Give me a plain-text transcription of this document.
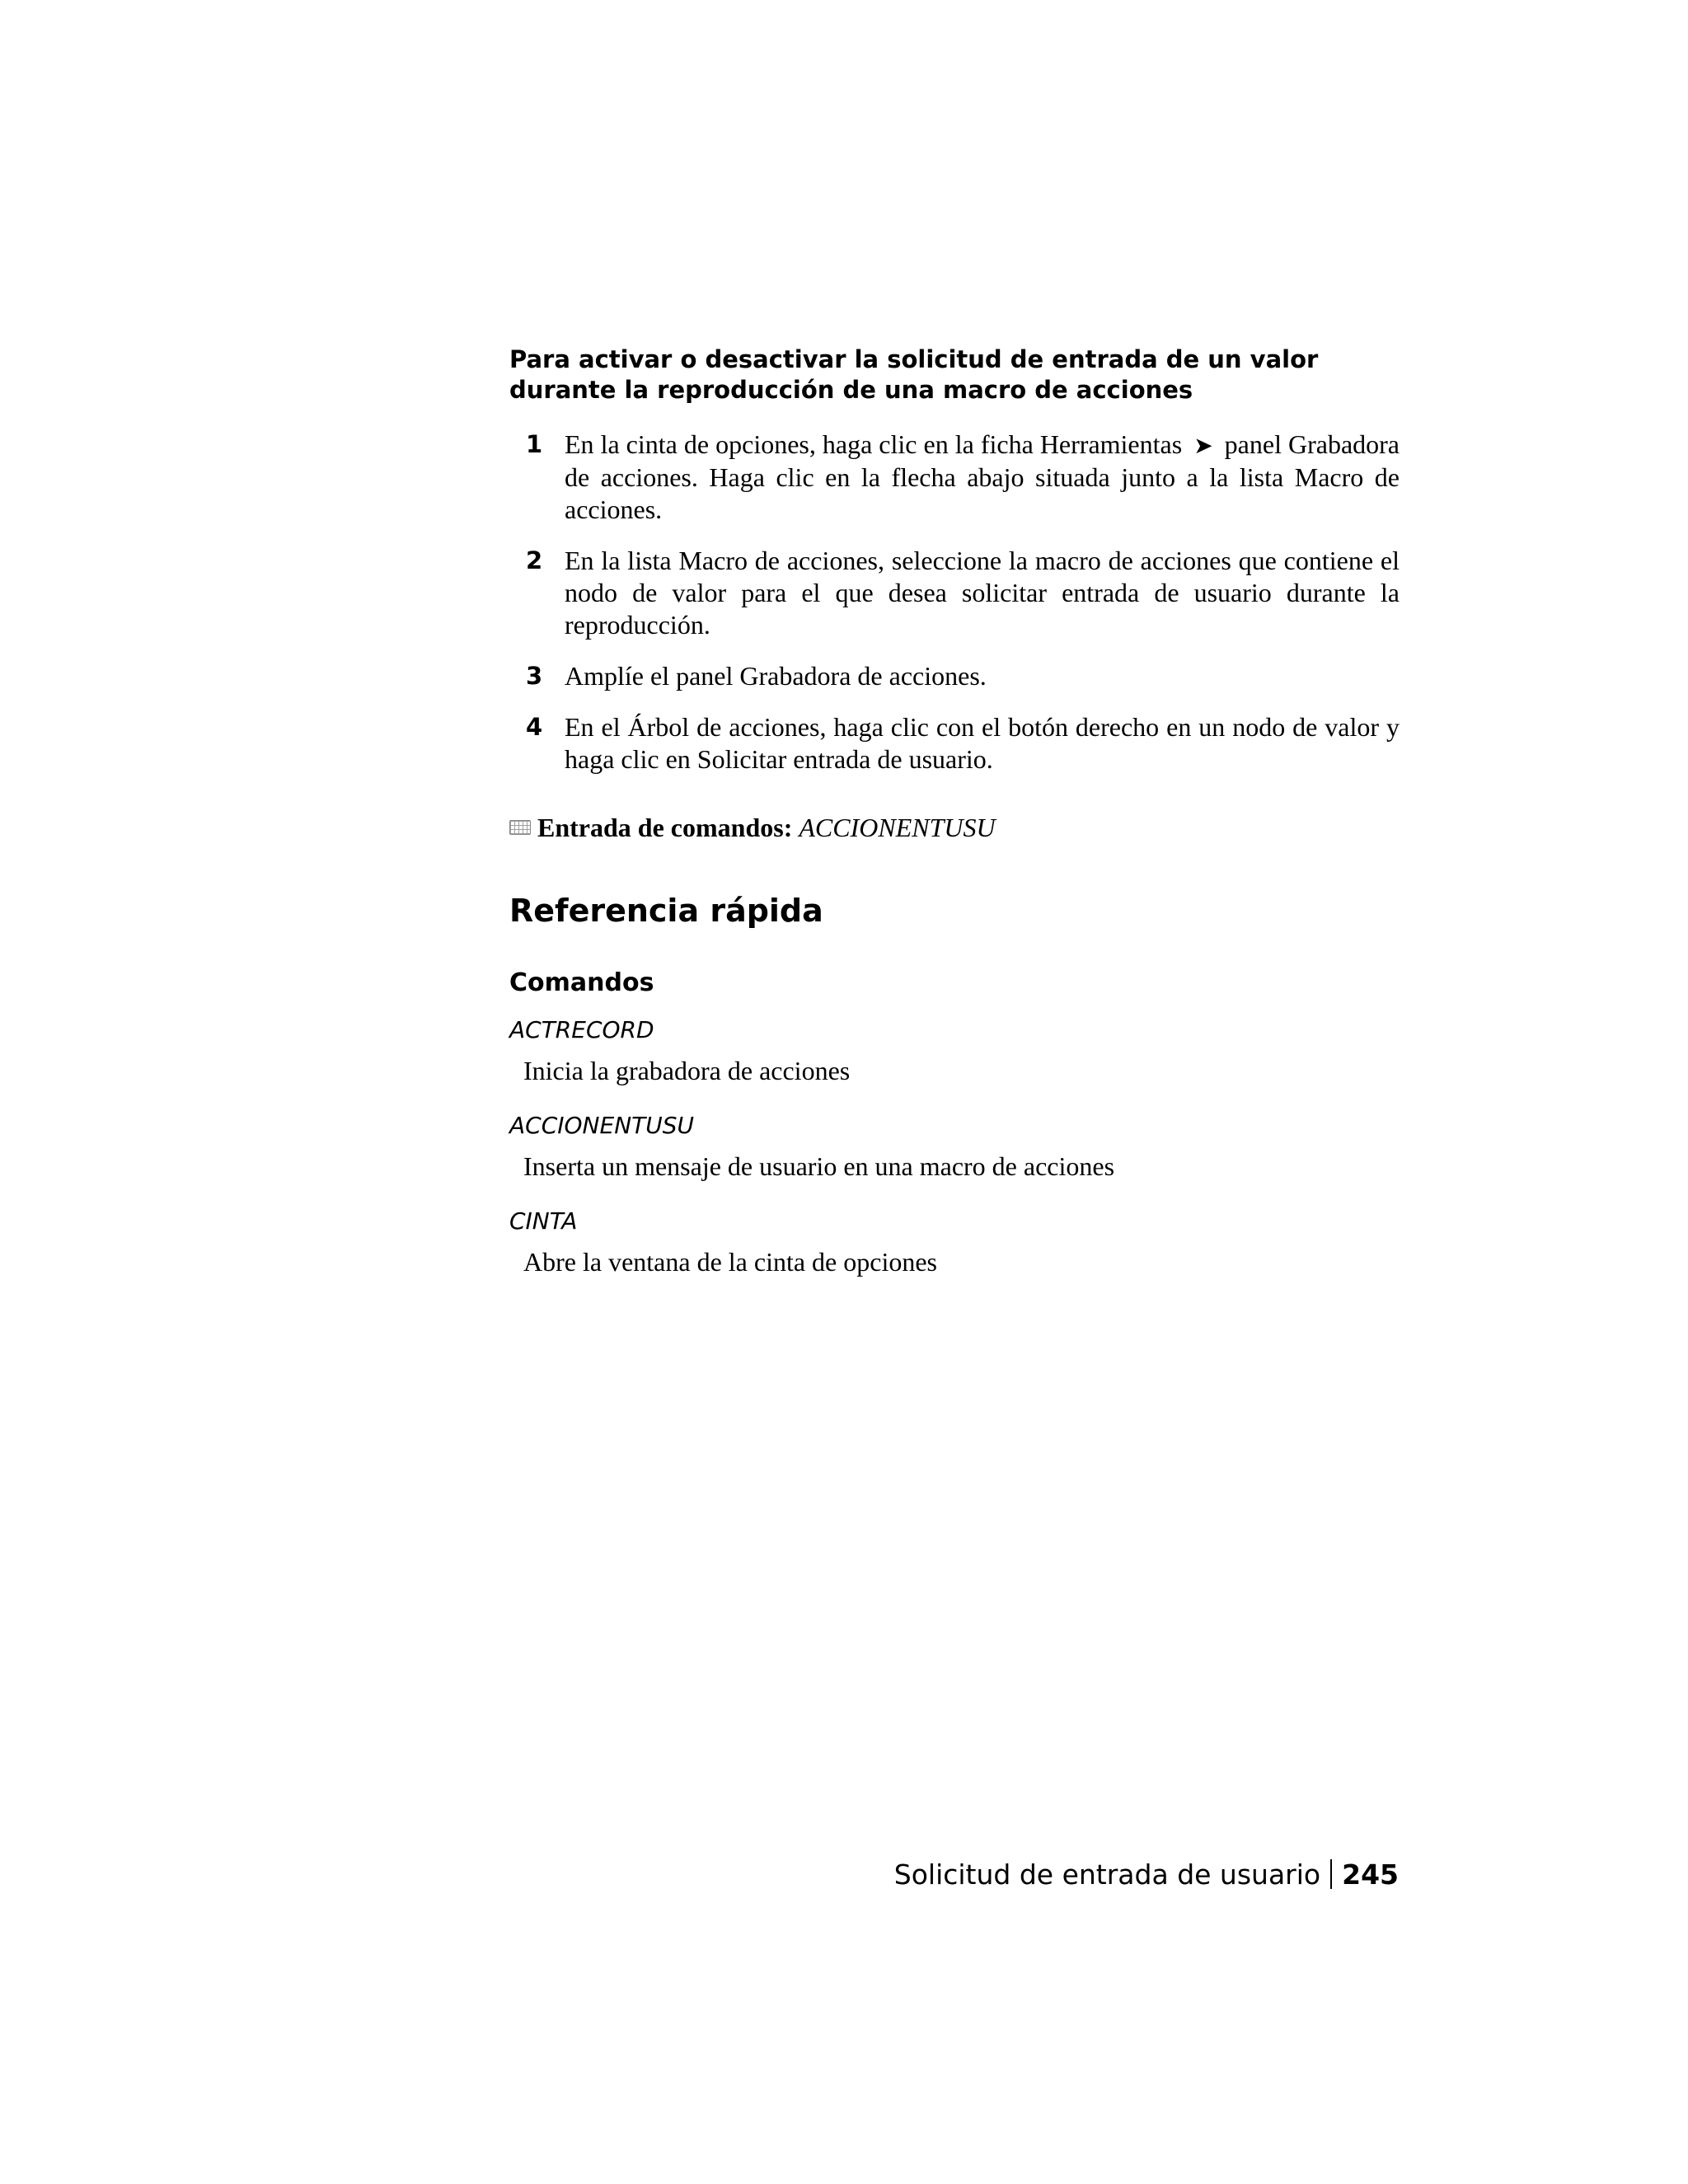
Para activar o desactivar la solicitud de entrada de un valor durante la reproducción de una macro de acciones
1 En la cinta de opciones, haga clic en la ficha Herramientas ➤ panel Grabadora de acciones. Haga clic en la flecha abajo situada junto a la lista Macro de acciones.
2 En la lista Macro de acciones, seleccione la macro de acciones que contiene el nodo de valor para el que desea solicitar entrada de usuario durante la reproducción.
3 Amplíe el panel Grabadora de acciones.
4 En el Árbol de acciones, haga clic con el botón derecho en un nodo de valor y haga clic en Solicitar entrada de usuario.
Entrada de comandos: ACCIONENTUSU
Referencia rápida
Comandos
ACTRECORD
Inicia la grabadora de acciones
ACCIONENTUSU
Inserta un mensaje de usuario en una macro de acciones
CINTA
Abre la ventana de la cinta de opciones
Solicitud de entrada de usuario 245
